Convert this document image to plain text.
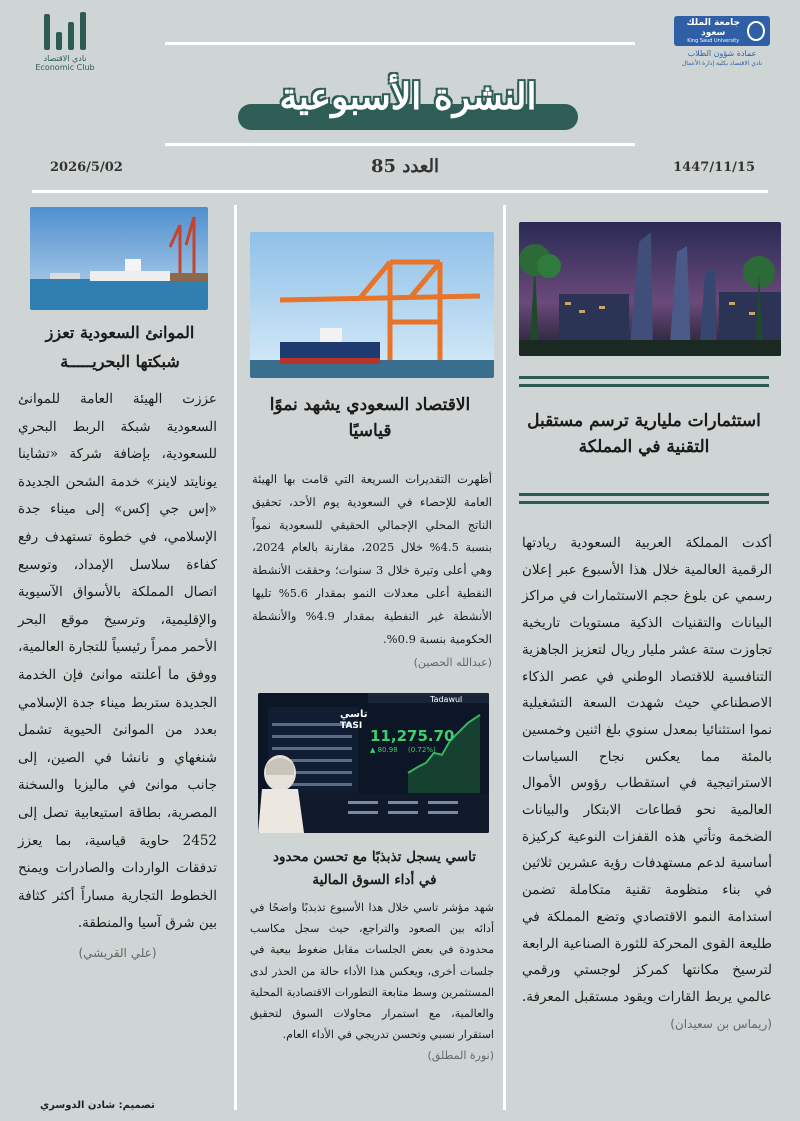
نادي الاقتصاد
Economic Club
جامعة الملك سعود
King Saud University
عمادة شؤون الطلاب
نادي الاقتصاد بكلية إدارة الأعمال
النشرة الأسبوعية
2026/5/02	العدد 85	1447/11/15
استثمارات مليارية ترسم مستقبل التقنية في المملكة
أكدت المملكة العربية السعودية ريادتها الرقمية العالمية خلال هذا الأسبوع عبر إعلان رسمي عن بلوغ حجم الاستثمارات في مراكز البيانات والتقنيات الذكية مستويات تاريخية تجاوزت ستة عشر مليار ريال لتعزيز الجاهزية التنافسية للاقتصاد الوطني في عصر الذكاء الاصطناعي حيث شهدت السعة التشغيلية نموا استثنائيا بمعدل سنوي بلغ اثنين وخمسين بالمئة مما يعكس نجاح السياسات الاستراتيجية في استقطاب رؤوس الأموال العالمية نحو قطاعات الابتكار والبيانات الضخمة وتأتي هذه القفزات النوعية كركيزة أساسية لدعم مستهدفات رؤية عشرين ثلاثين في بناء منظومة تقنية متكاملة تضمن استدامة النمو الاقتصادي وتضع المملكة في طليعة القوى المحركة للثورة الصناعية الرابعة لترسيخ مكانتها كمركز لوجستي ورقمي عالمي يربط القارات ويقود مستقبل المعرفة. (ريماس بن سعيدان)
الاقتصاد السعودي يشهد نموًا قياسيًا
أظهرت التقديرات السريعة التي قامت بها الهيئة العامة للإحصاء في السعودية يوم الأحد، تحقيق الناتج المحلي الإجمالي الحقيقي للسعودية نمواً بنسبة 4.5% خلال 2025، مقارنة بالعام 2024، وهي أعلى وتيرة خلال 3 سنوات؛ وحققت الأنشطة النفطية أعلى معدلات النمو بمقدار 5.6% تليها الأنشطة غير النفطية بمقدار 4.9% والأنشطة الحكومية بنسبة 0.9%.
(عبدالله الحصين)
Tadawul
تاسي
TASI
11,275.70
▲ 80.98 (0.72%)
تاسي يسجل تذبذبًا مع تحسن محدود في أداء السوق المالية
شهد مؤشر تاسي خلال هذا الأسبوع تذبذبًا واضحًا في أدائه بين الصعود والتراجع، حيث سجل مكاسب محدودة في بعض الجلسات مقابل ضغوط بيعية في جلسات أخرى، ويعكس هذا الأداء حالة من الحذر لدى المستثمرين وسط متابعة التطورات الاقتصادية المحلية والعالمية، مع استمرار محاولات السوق لتحقيق استقرار نسبي وتحسن تدريجي في الأداء العام.
(نورة المطلق)
الموانئ السعودية تعزز شبكتها البحريـــــة
عززت الهيئة العامة للموانئ السعودية شبكة الربط البحري للسعودية، بإضافة شركة «تشاينا يونايتد لاينز» خدمة الشحن الجديدة «إس جي إكس» إلى ميناء جدة الإسلامي، في خطوة تستهدف رفع كفاءة سلاسل الإمداد، وتوسيع اتصال المملكة بالأسواق الآسيوية والإقليمية، وترسيخ موقع البحر الأحمر ممراً رئيسياً للتجارة العالمية، ووفق ما أعلنته موانئ فإن الخدمة الجديدة ستربط ميناء جدة الإسلامي بعدد من الموانئ الحيوية تشمل شنغهاي و نانشا في الصين، إلى جانب موانئ في ماليزيا والسخنة المصرية، بطاقة استيعابية تصل إلى 2452 حاوية قياسية، بما يعزز تدفقات الواردات والصادرات ويمنح الخطوط التجارية مساراً أكثر كثافة بين شرق آسيا والمنطقة.
(علي القريشي)
تصميم: شادن الدوسري
